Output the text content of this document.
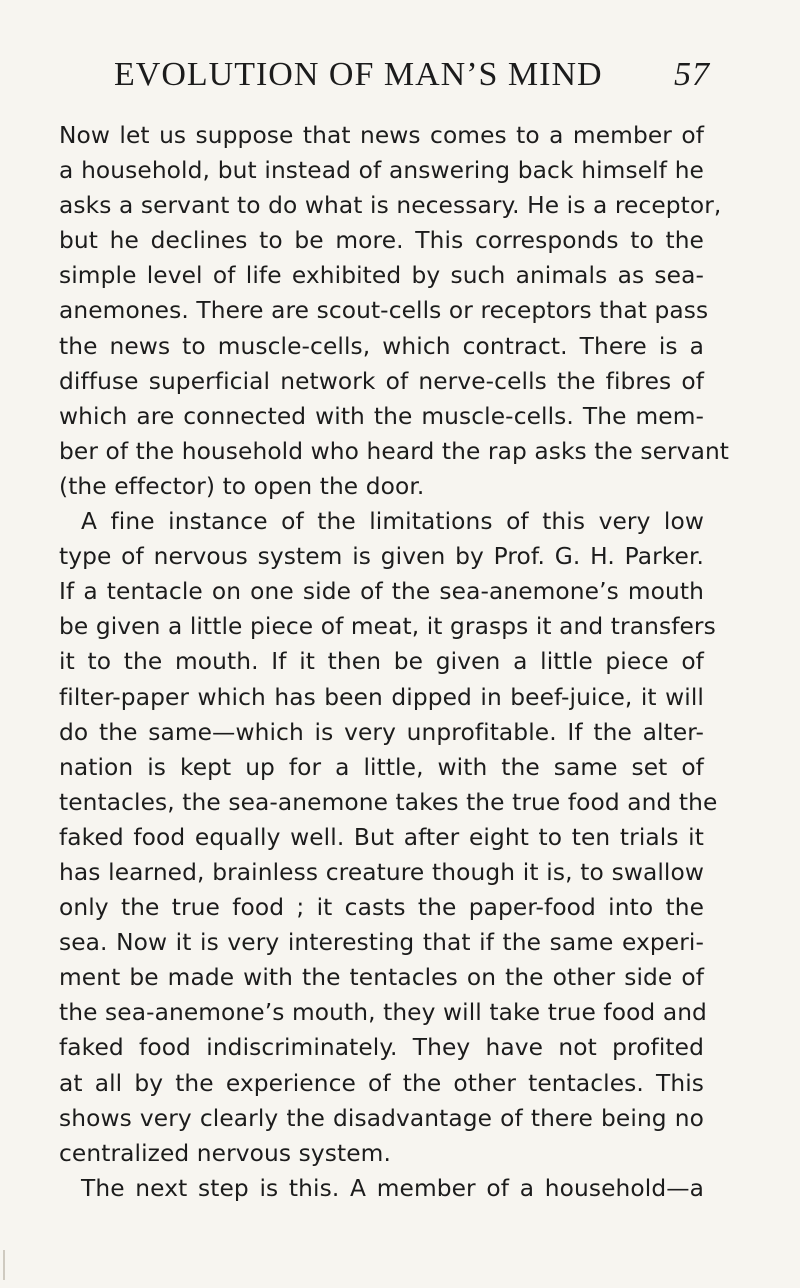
EVOLUTION OF MAN’S MIND 57

Now let us suppose that news comes to a member of
a household, but instead of answering back himself he
asks a servant to do what is necessary. He is a receptor,
but he declines to be more. This corresponds to the
simple level of life exhibited by such animals as sea-
anemones. There are scout-cells or receptors that pass
the news to muscle-cells, which contract. There is a
diffuse superficial network of nerve-cells the fibres of
which are connected with the muscle-cells. The mem-
ber of the household who heard the rap asks the servant
(the effector) to open the door.

A fine instance of the limitations of this very low
type of nervous system is given by Prof. G. H. Parker.
If a tentacle on one side of the sea-anemone’s mouth
be given a little piece of meat, it grasps it and transfers
it to the mouth. If it then be given a little piece of
filter-paper which has been dipped in beef-juice, it will
do the same—which is very unprofitable. If the alter-
nation is kept up for a little, with the same set of
tentacles, the sea-anemone takes the true food and the
faked food equally well. But after eight to ten trials it
has learned, brainless creature though it is, to swallow
only the true food ; it casts the paper-food into the
sea. Now it is very interesting that if the same experi-
ment be made with the tentacles on the other side of
the sea-anemone’s mouth, they will take true food and
faked food indiscriminately. They have not profited
at all by the experience of the other tentacles. This
shows very clearly the disadvantage of there being no
centralized nervous system.

The next step is this. A member of a household—a
